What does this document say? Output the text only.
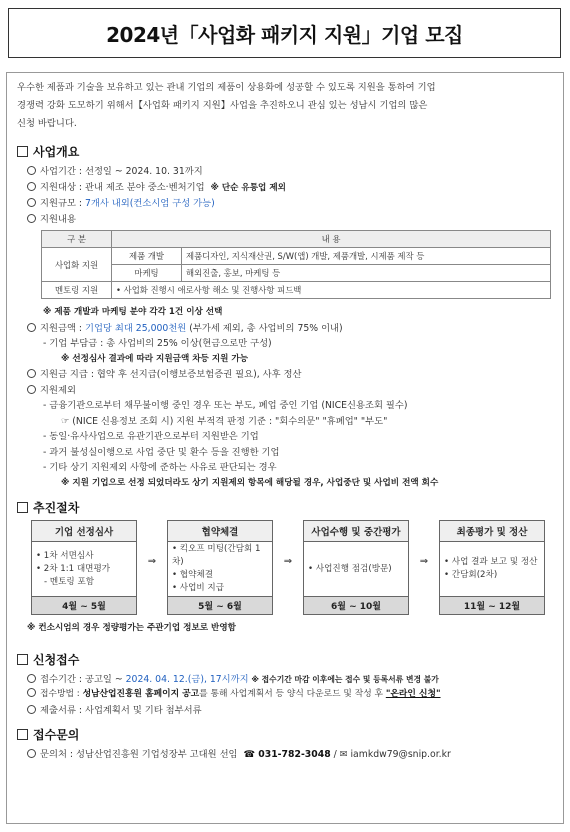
2024년「사업화 패키지 지원」기업 모집
우수한 제품과 기술을 보유하고 있는 관내 기업의 제품이 상용화에 성공할 수 있도록 지원을 통하여 기업
경쟁력 강화 도모하기 위해서【사업화 패키지 지원】사업을 추진하오니 관심 있는 성남시 기업의 많은
신청 바랍니다.
사업개요
사업기간 : 선정일 ~ 2024. 10. 31까지
지원대상 : 관내 제조 분야 중소·벤처기업 ※ 단순 유통업 제외
지원규모 : 7개사 내외(컨소시엄 구성 가능)
지원내용
구 분	내 용	
사업화 지원	제품 개발	제품디자인, 지식재산권, S/W(앱) 개발, 제품개발, 시제품 제작 등
	마케팅	해외진출, 홍보, 마케팅 등
멘토링 지원	• 사업화 진행시 애로사항 해소 및 진행사항 피드백	
※ 제품 개발과 마케팅 분야 각각 1건 이상 선택
지원금액 : 기업당 최대 25,000천원 (부가세 제외, 총 사업비의 75% 이내)
- 기업 부담금 : 총 사업비의 25% 이상(현금으로만 구성)
※ 선정심사 결과에 따라 지원금액 차등 지원 가능
지원금 지급 : 협약 후 선지급(이행보증보험증권 필요), 사후 정산
지원제외
- 금융기관으로부터 채무불이행 중인 경우 또는 부도, 폐업 중인 기업 (NICE신용조회 필수)
☞ (NICE 신용정보 조회 시) 지원 부적격 판정 기준 : "회수의문" "휴폐업" "부도"
- 동일·유사사업으로 유관기관으로부터 지원받은 기업
- 과거 불성실이행으로 사업 중단 및 환수 등을 진행한 기업
- 기타 상기 지원제외 사항에 준하는 사유로 판단되는 경우
※ 지원 기업으로 선정 되었더라도 상기 지원제외 항목에 해당될 경우, 사업중단 및 사업비 전액 회수
추진절차
기업 선정심사
• 1차 서면심사
• 2차 1:1 대면평가
- 멘토링 포함
4월 ~ 5월
⇒
협약체결
• 킥오프 미팅(간담회 1차)
• 협약체결
• 사업비 지급
5월 ~ 6월
⇒
사업수행 및 중간평가
• 사업진행 점검(방문)
6월 ~ 10월
⇒
최종평가 및 정산
• 사업 결과 보고 및 정산
• 간담회(2차)
11월 ~ 12월
※ 컨소시엄의 경우 정량평가는 주관기업 정보로 반영함
신청접수
접수기간 : 공고일 ~ 2024. 04. 12.(금), 17시까지 ※ 접수기간 마감 이후에는 접수 및 등록서류 변경 불가
접수방법 : 성남산업진흥원 홈페이지 공고를 통해 사업계획서 등 양식 다운로드 및 작성 후 "온라인 신청"
제출서류 : 사업계획서 및 기타 첨부서류
접수문의
문의처 : 성남산업진흥원 기업성장부 고대원 선임 ☎ 031-782-3048 / ✉ iamkdw79@snip.or.kr
